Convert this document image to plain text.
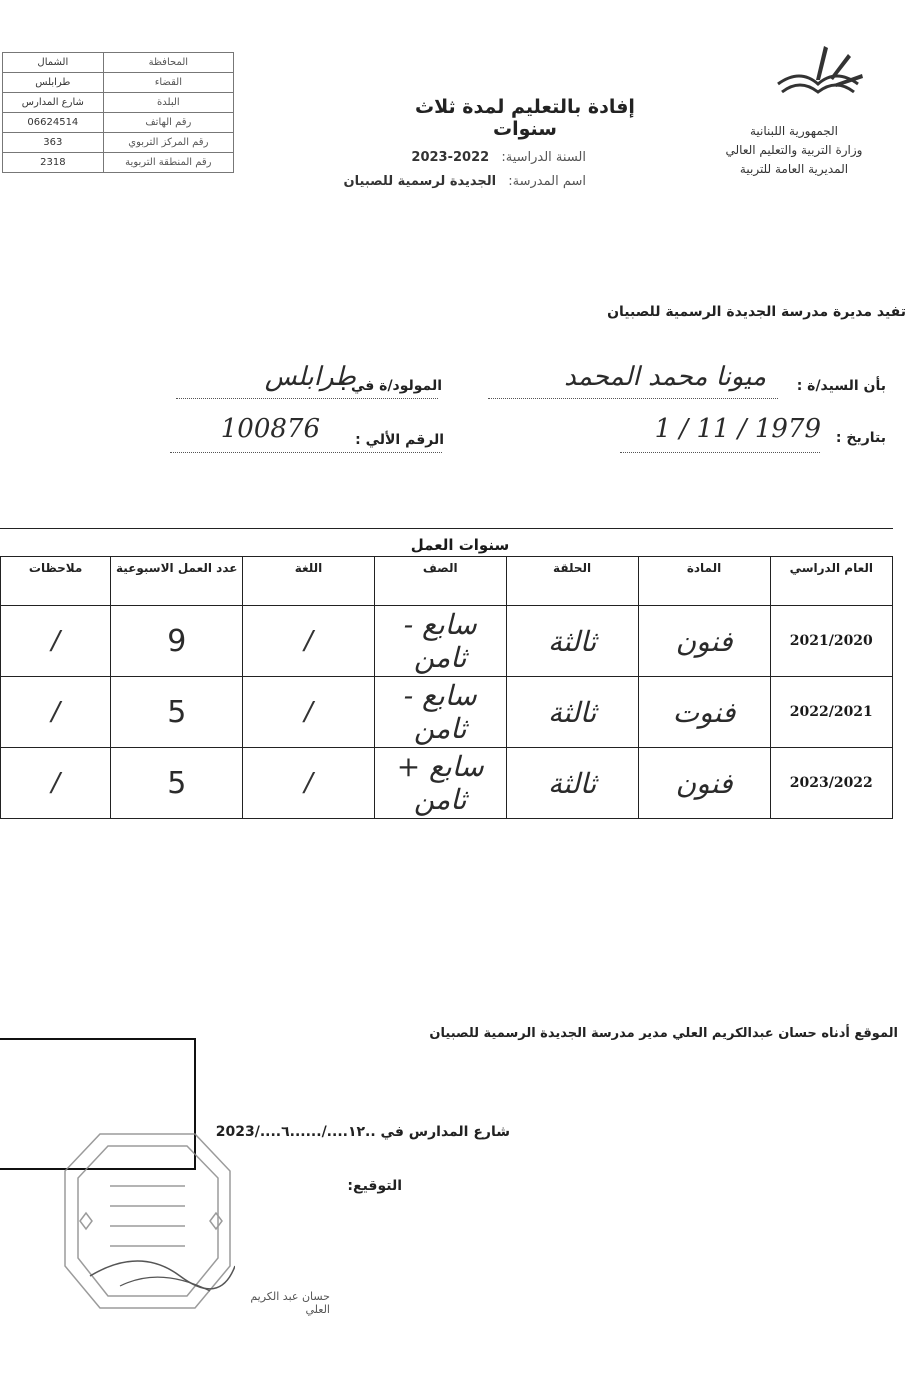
الشمال	المحافظة
طرابلس	القضاء
شارع المدارس	البلدة
06624514	رقم الهاتف
363	رقم المركز التربوي
2318	رقم المنطقة التربوية
الجمهورية اللبنانية
وزارة التربية والتعليم العالي
المديرية العامة للتربية
إفادة بالتعليم لمدة ثلاث سنوات
السنة الدراسية: 2022-2023
اسم المدرسة: الجديدة لرسمية للصبيان
تفيد مديرة مدرسة الجديدة الرسمية للصبيان
بأن السيد/ة :
ميونا محمد المحمد
المولود/ة في :
طرابلس
بتاريخ :
1 / 11 / 1979
الرقم الألي :
100876
سنوات العمل
العام الدراسي	المادة	الحلقة	الصف	اللغة	عدد العمل الاسبوعية	ملاحظات
2021/2020	فنون	ثالثة	سابع - ثامن	/	9	/
2022/2021	فنوت	ثالثة	سابع - ثامن	/	5	/
2023/2022	فنون	ثالثة	سابع + ثامن	/	5	/
الموقع أدناه حسان عبدالكريم العلي مدير مدرسة الجديدة الرسمية للصبيان
شارع المدارس في ..١٢..../......٦..../2023
التوقيع:
حسان عبد الكريم العلي
